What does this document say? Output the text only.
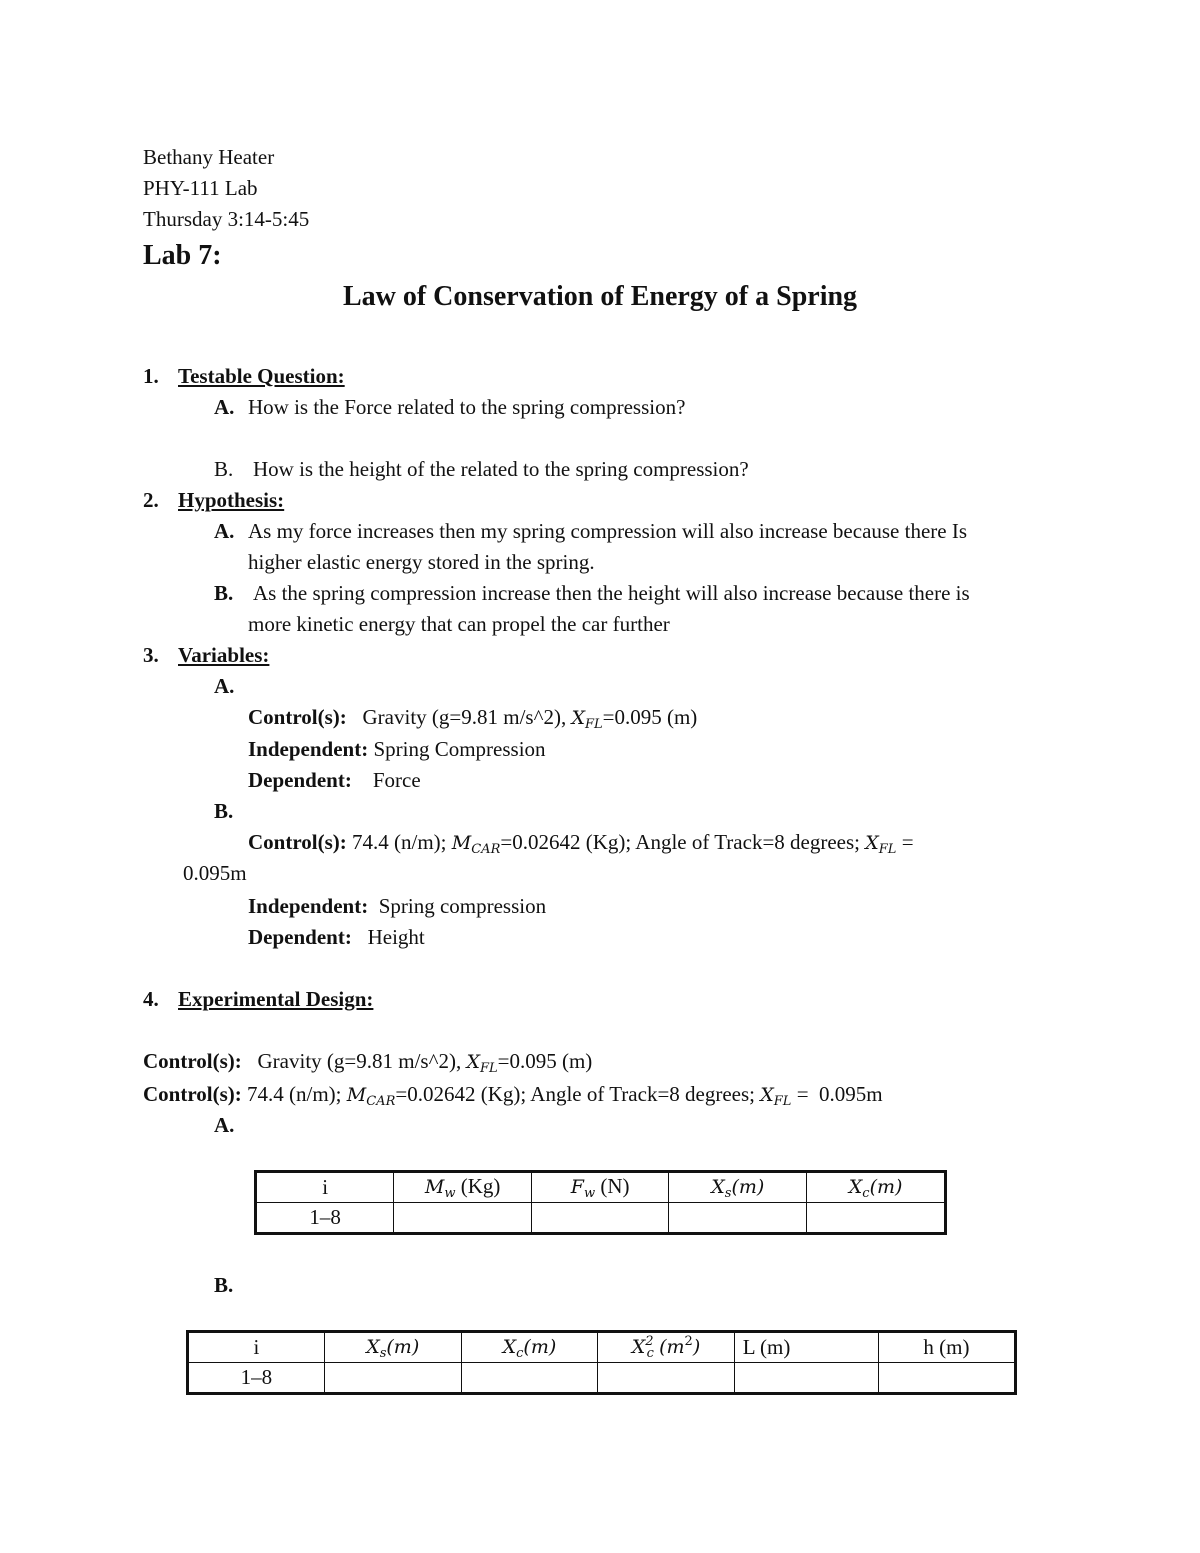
Bethany Heater
PHY-111 Lab
Thursday 3:14-5:45
Lab 7:
Law of Conservation of Energy of a Spring
1. Testable Question:
A. How is the Force related to the spring compression?
B. How is the height of the related to the spring compression?
2. Hypothesis:
A. As my force increases then my spring compression will also increase because there Is
higher elastic energy stored in the spring.
B. As the spring compression increase then the height will also increase because there is
more kinetic energy that can propel the car further
3. Variables:
A.
Control(s): Gravity (g=9.81 m/s^2), $X_{FL}=0.095$ (m)
Independent: Spring Compression
Dependent: Force
B.
Control(s): 74.4 (n/m); $M_{CAR}=0.02642$ (Kg); Angle of Track=8 degrees; $X_{FL}$ =
0.095m
Independent: Spring compression
Dependent: Height
4. Experimental Design:
Control(s): Gravity (g=9.81 m/s^2), $X_{FL}=0.095$ (m)
Control(s): 74.4 (n/m); $M_{CAR}=0.02642$ (Kg); Angle of Track=8 degrees; $X_{FL} = 0.095m$
A.
i	$M_w$ (Kg)	$F_w$ (N)	$X_s(m)$	$X_c(m)$
1–8				
B.
i	$X_s(m)$	$X_c(m)$	$X^2_c$ $(m^2)$	L (m)	h (m)
1–8					
